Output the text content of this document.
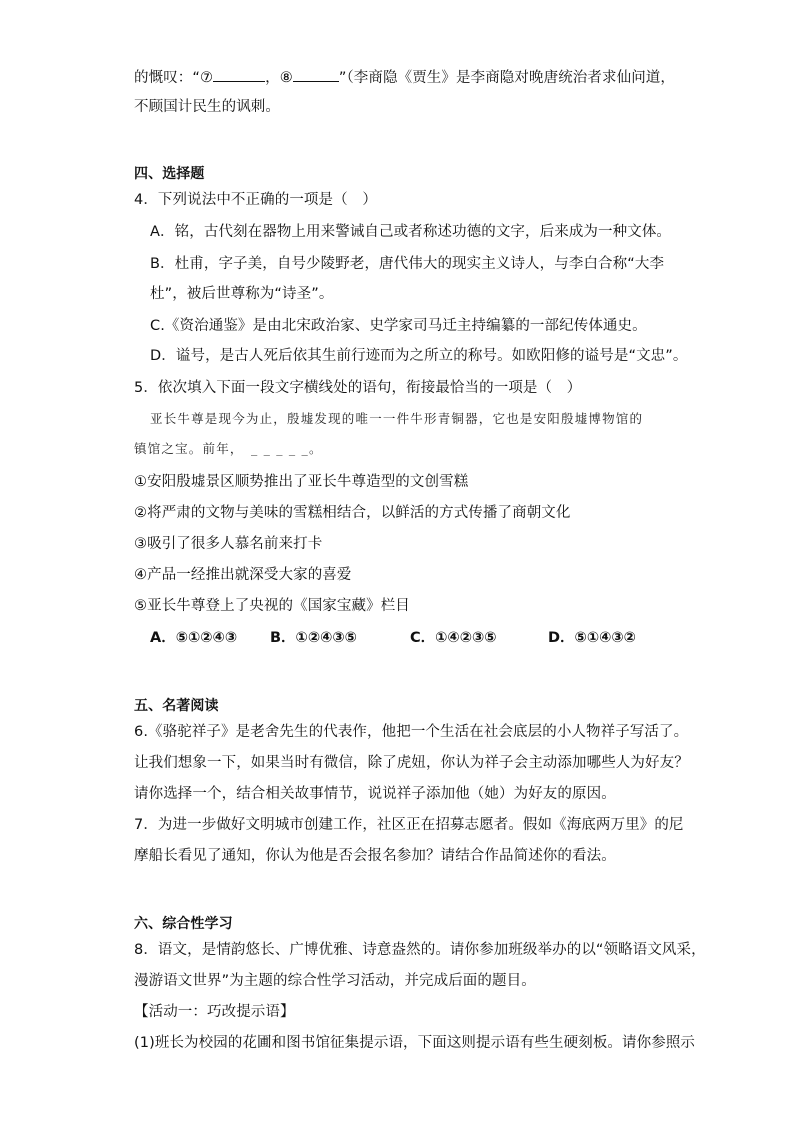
的慨叹：“⑦	，⑧	”（李商隐《贾生》是李商隐对晚唐统治者求仙问道，
不顾国计民生的讽刺。
四、选择题
4．下列说法中不正确的一项是（　）
A．铭，古代刻在器物上用来警诫自己或者称述功德的文字，后来成为一种文体。
B．杜甫，字子美，自号少陵野老，唐代伟大的现实主义诗人，与李白合称“大李
杜”，被后世尊称为“诗圣”。
C.《资治通鉴》是由北宋政治家、史学家司马迁主持编纂的一部纪传体通史。
D．谥号，是古人死后依其生前行迹而为之所立的称号。如欧阳修的谥号是“文忠”。
5．依次填入下面一段文字横线处的语句，衔接最恰当的一项是（　）
亚长牛尊是现今为止，殷墟发现的唯一一件牛形青铜器，它也是安阳殷墟博物馆的
镇馆之宝。前年，　_ _ _ _ _。
①安阳殷墟景区顺势推出了亚长牛尊造型的文创雪糕
②将严肃的文物与美味的雪糕相结合，以鲜活的方式传播了商朝文化
③吸引了很多人慕名前来打卡
④产品一经推出就深受大家的喜爱
⑤亚长牛尊登上了央视的《国家宝藏》栏目
A．⑤①②④③ B．①②④③⑤	C．①④②③⑤	D．⑤①④③②
五、名著阅读
6.《骆驼祥子》是老舍先生的代表作，他把一个生活在社会底层的小人物祥子写活了。
让我们想象一下，如果当时有微信，除了虎妞，你认为祥子会主动添加哪些人为好友？
请你选择一个，结合相关故事情节，说说祥子添加他（她）为好友的原因。
7．为进一步做好文明城市创建工作，社区正在招募志愿者。假如《海底两万里》的尼
摩船长看见了通知，你认为他是否会报名参加？请结合作品简述你的看法。
六、综合性学习
8．语文，是情韵悠长、广博优雅、诗意盎然的。请你参加班级举办的以“领略语文风采，
漫游语文世界”为主题的综合性学习活动，并完成后面的题目。
【活动一：巧改提示语】
(1)班长为校园的花圃和图书馆征集提示语，下面这则提示语有些生硬刻板。请你参照示
